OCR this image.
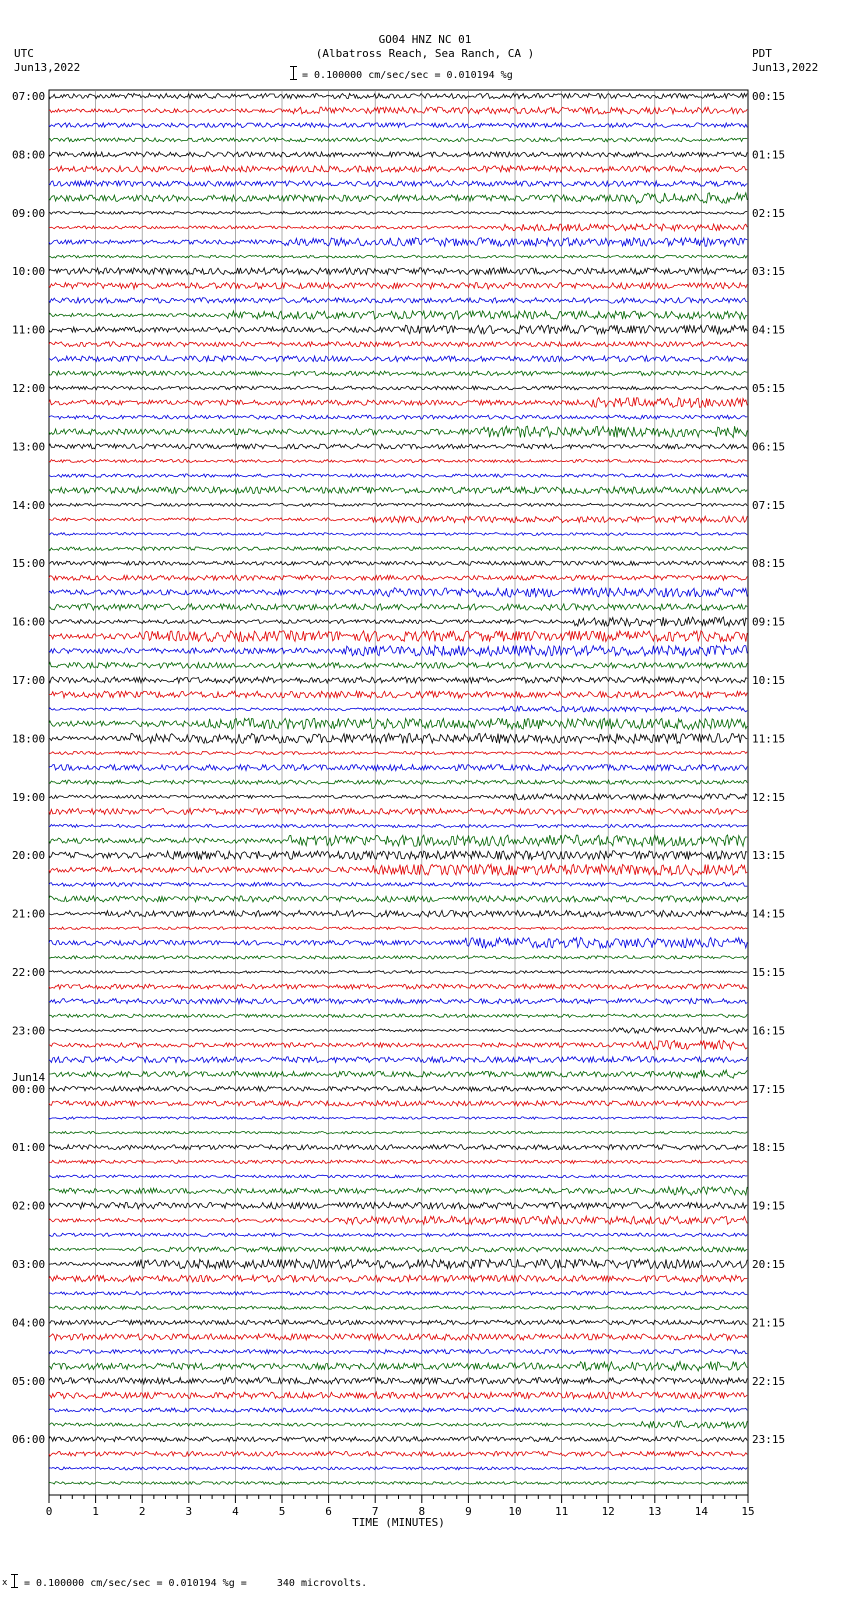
GO04 HNZ NC 01
(Albatross Reach, Sea Ranch, CA )
UTC
Jun13,2022
PDT
Jun13,2022
= 0.100000 cm/sec/sec = 0.010194 %g
07:00
08:00
09:00
10:00
11:00
12:00
13:00
14:00
15:00
16:00
17:00
18:00
19:00
20:00
21:00
22:00
23:00
00:00
Jun14
01:00
02:00
03:00
04:00
05:00
06:00
00:15
01:15
02:15
03:15
04:15
05:15
06:15
07:15
08:15
09:15
10:15
11:15
12:15
13:15
14:15
15:15
16:15
17:15
18:15
19:15
20:15
21:15
22:15
23:15
0	1	2	3	4	5	6	7	8	9	10	11	12	13	14	15
TIME (MINUTES)
x = 0.100000 cm/sec/sec = 0.010194 %g =     340 microvolts.
